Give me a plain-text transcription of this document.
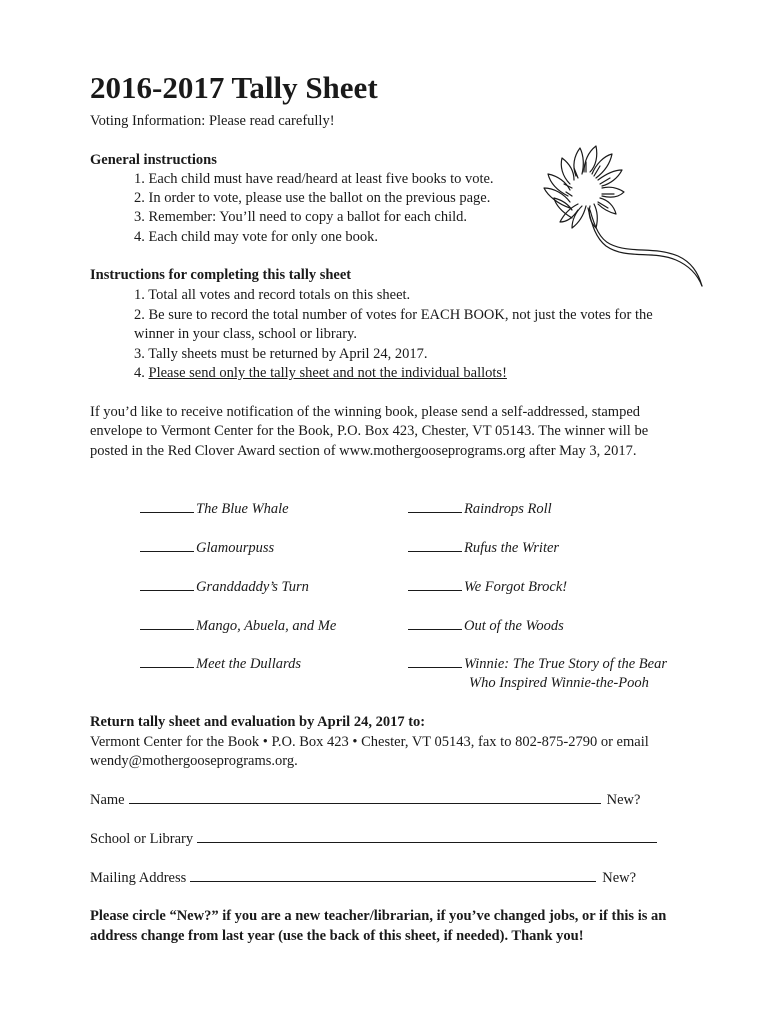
2016-2017 Tally Sheet
Voting Information: Please read carefully!
General instructions
1. Each child must have read/heard at least five books to vote.
2. In order to vote, please use the ballot on the previous page.
3. Remember: You’ll need to copy a ballot for each child.
4. Each child may vote for only one book.
Instructions for completing this tally sheet
1. Total all votes and record totals on this sheet.
2. Be sure to record the total number of votes for EACH BOOK, not just the votes for the
winner in your class, school or library.
3. Tally sheets must be returned by April 24, 2017.
4. Please send only the tally sheet and not the individual ballots!
If you’d like to receive notification of the winning book, please send a self-addressed, stamped
envelope to Vermont Center for the Book, P.O. Box 423, Chester, VT 05143. The winner will be
posted in the Red Clover Award section of www.mothergooseprograms.org after May 3, 2017.
The Blue Whale
Glamourpuss
Granddaddy’s Turn
Mango, Abuela, and Me
Meet the Dullards
Raindrops Roll
Rufus the Writer
We Forgot Brock!
Out of the Woods
Winnie: The True Story of the Bear
Who Inspired Winnie-the-Pooh
Return tally sheet and evaluation by April 24, 2017 to:
Vermont Center for the Book • P.O. Box 423 • Chester, VT 05143, fax to 802-875-2790 or email
wendy@mothergooseprograms.org.
Name	New?
School or Library
Mailing Address	New?
Please circle “New?” if you are a new teacher/librarian, if you’ve changed jobs, or if this is an
address change from last year (use the back of this sheet, if needed). Thank you!
